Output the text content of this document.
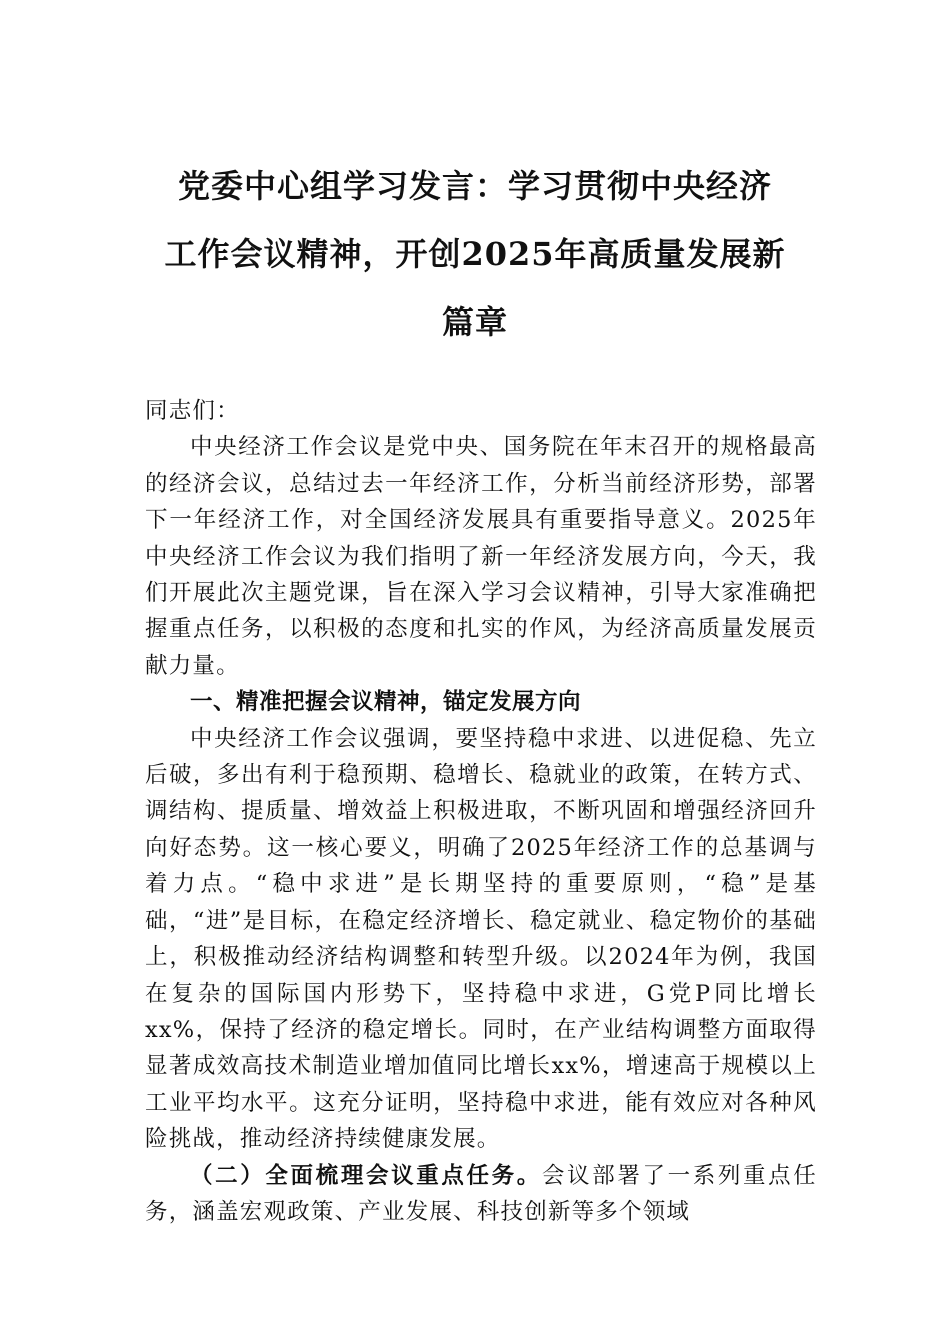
党委中心组学习发言：学习贯彻中央经济
工作会议精神，开创2025年高质量发展新
篇章

同志们：

中央经济工作会议是党中央、国务院在年末召开的规格最高的经济会议，总结过去一年经济工作，分析当前经济形势，部署下一年经济工作，对全国经济发展具有重要指导意义。2025年中央经济工作会议为我们指明了新一年经济发展方向，今天，我们开展此次主题党课，旨在深入学习会议精神，引导大家准确把握重点任务，以积极的态度和扎实的作风，为经济高质量发展贡献力量。

一、精准把握会议精神，锚定发展方向

中央经济工作会议强调，要坚持稳中求进、以进促稳、先立后破，多出有利于稳预期、稳增长、稳就业的政策，在转方式、调结构、提质量、增效益上积极进取，不断巩固和增强经济回升向好态势。这一核心要义，明确了2025年经济工作的总基调与着力点。“稳中求进”是长期坚持的重要原则，“稳”是基础，“进”是目标，在稳定经济增长、稳定就业、稳定物价的基础上，积极推动经济结构调整和转型升级。以2024年为例，我国在复杂的国际国内形势下，坚持稳中求进，G党P同比增长xx%，保持了经济的稳定增长。同时，在产业结构调整方面取得显著成效高技术制造业增加值同比增长xx%，增速高于规模以上工业平均水平。这充分证明，坚持稳中求进，能有效应对各种风险挑战，推动经济持续健康发展。

（二）全面梳理会议重点任务。会议部署了一系列重点任务，涵盖宏观政策、产业发展、科技创新等多个领域
